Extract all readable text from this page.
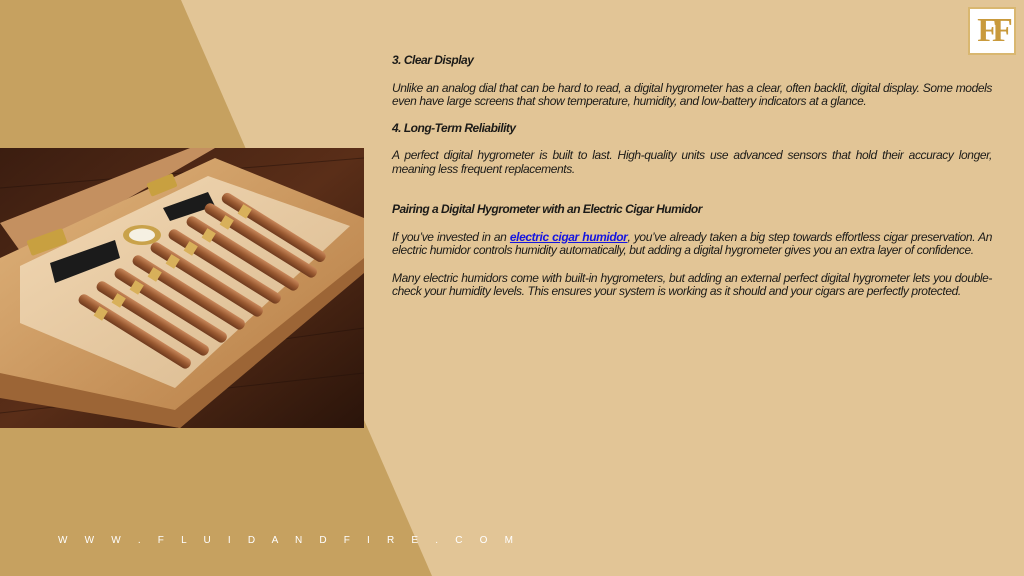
FF
3. Clear Display

Unlike an analog dial that can be hard to read, a digital hygrometer has a clear, often backlit, digital display. Some models even have large screens that show temperature, humidity, and low-battery indicators at a glance.

4. Long-Term Reliability

A perfect digital hygrometer is built to last. High-quality units use advanced sensors that hold their accuracy longer, meaning less frequent replacements.

Pairing a Digital Hygrometer with an Electric Cigar Humidor

If you’ve invested in an electric cigar humidor, you’ve already taken a big step towards effortless cigar preservation. An electric humidor controls humidity automatically, but adding a digital hygrometer gives you an extra layer of confidence.

Many electric humidors come with built-in hygrometers, but adding an external perfect digital hygrometer lets you double-check your humidity levels. This ensures your system is working as it should and your cigars are perfectly protected.

W W W . F L U I D A N D F I R E . C O M
